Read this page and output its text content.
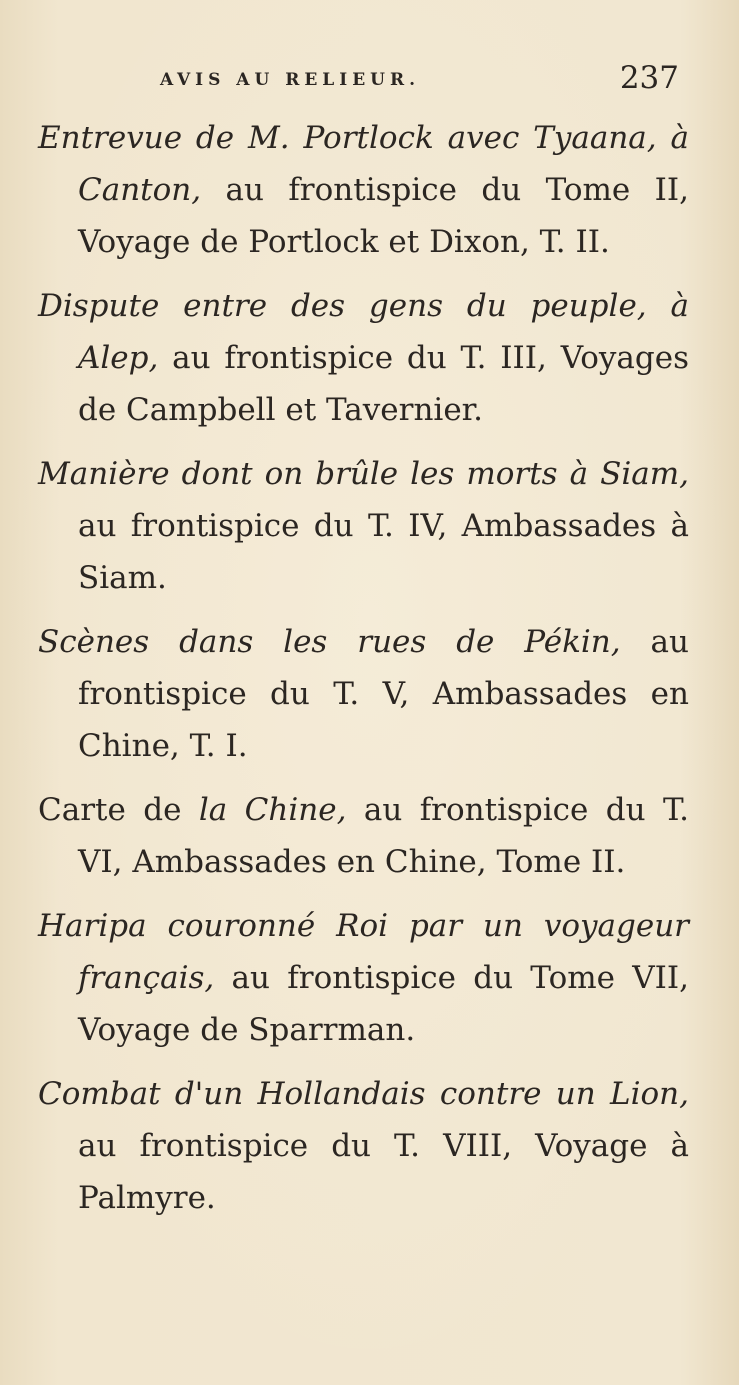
AVIS AU RELIEUR.	237

Entrevue de M. Portlock avec Tyaana, à Canton, au frontispice du Tome II, Voyage de Portlock et Dixon, T. II.

Dispute entre des gens du peuple, à Alep, au frontispice du T. III, Voyages de Campbell et Tavernier.

Manière dont on brûle les morts à Siam, au frontispice du T. IV, Ambassades à Siam.

Scènes dans les rues de Pékin, au frontispice du T. V, Ambassades en Chine, T. I.

Carte de la Chine, au frontispice du T. VI, Ambassades en Chine, Tome II.

Haripa couronné Roi par un voyageur français, au frontispice du Tome VII, Voyage de Sparrman.

Combat d'un Hollandais contre un Lion, au frontispice du T. VIII, Voyage à Palmyre.
